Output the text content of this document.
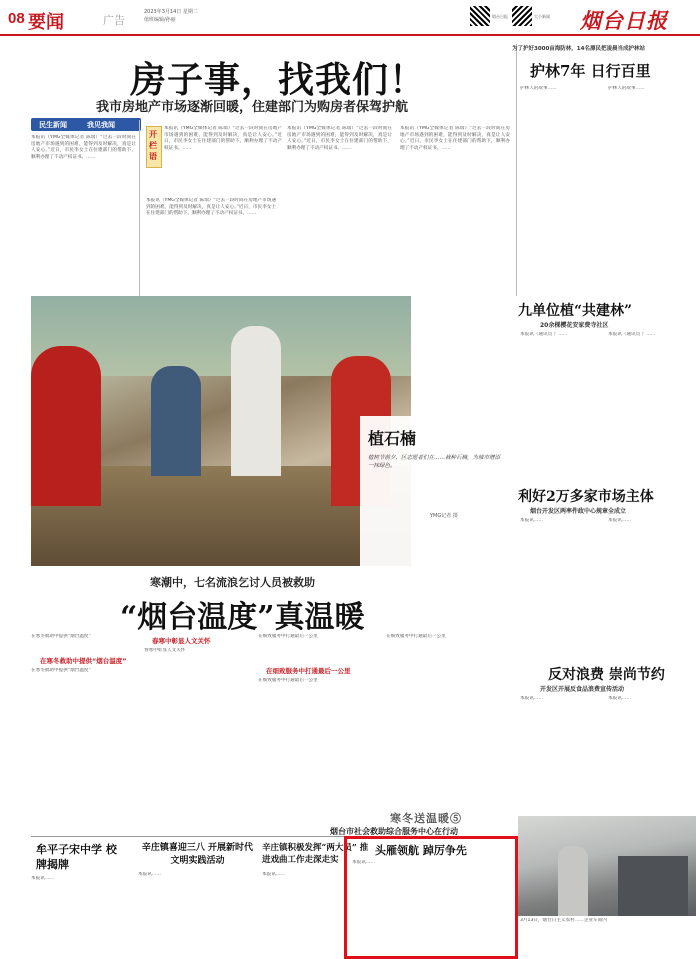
08 要闻	广告
2023年3月14日 星期二
值班编辑/孙丽
烟台日报	大小新闻 烟台日报
房子事，找我们！
我市房地产市场逐渐回暖，住建部门为购房者保驾护航
民生新闻	我见我闻
本报讯（YMG全媒体记者 陈瑞）“过去一段时间在房地产市场遇到的困难，能得到及时解决，真是让人安心。”近日，市民李女士在住建部门的帮助下，顺利办理了不动产权证书。……
开栏语
本报讯（YMG全媒体记者 陈瑞）“过去一段时间在房地产市场遇到的困难，能得到及时解决，真是让人安心。”近日，市民李女士在住建部门的帮助下，顺利办理了不动产权证书。……
本报讯（YMG全媒体记者 陈瑞）“过去一段时间在房地产市场遇到的困难，能得到及时解决，真是让人安心。”近日，市民李女士在住建部门的帮助下，顺利办理了不动产权证书。……
本报讯（YMG全媒体记者 陈瑞）“过去一段时间在房地产市场遇到的困难，能得到及时解决，真是让人安心。”近日，市民李女士在住建部门的帮助下，顺利办理了不动产权证书。……
本报讯（YMG全媒体记者 陈瑞）“过去一段时间在房地产市场遇到的困难，能得到及时解决，真是让人安心。”近日，市民李女士在住建部门的帮助下，顺利办理了不动产权证书。……
为了护好3000亩海防林，14名漂民把凌晨当成护林站
护林7年 日行百里
护林人的故事……	护林人的故事……
植石楠
植树节前夕，区志愿者们在……栽种石楠，为城市增添一抹绿色。
YMG记者 摄
九单位植“共建林”
20余棵樱花安家费寺社区
本报讯（通讯员 ）……	本报讯（通讯员 ）……
利好2万多家市场主体
烟台开发区两率件政中心规章全成立
本报讯……	本报讯……
反对浪费 崇尚节约
开发区开展反食品浪费宣传活动
本报讯……	本报讯……
寒潮中，七名流浪乞讨人员被救助
“烟台温度”真温暖
在寒冬救助中提供“烟台温度”
在寒冬救助中提供“烟台温度”
在寒冬救助中提供“烟台温度”
春寒中彰显人文关怀
春寒中彰显人文关怀
在细致服务中打通最后一公里
在细致服务中打通最后一公里
在细致服务中打通最后一公里
在细致服务中打通最后一公里
寒冬送温暖⑤
烟台市社会救助综合服务中心在行动
牟平子宋中学 校牌揭牌
本报讯……
辛庄镇喜迎三八 开展新时代文明实践活动
本报讯……
辛庄镇积极发挥“两大员” 推进戏曲工作走深走实
本报讯……
头雁领航 踔厉争先
本报讯……
3月13日，烟台日主义农村……企业车间内
